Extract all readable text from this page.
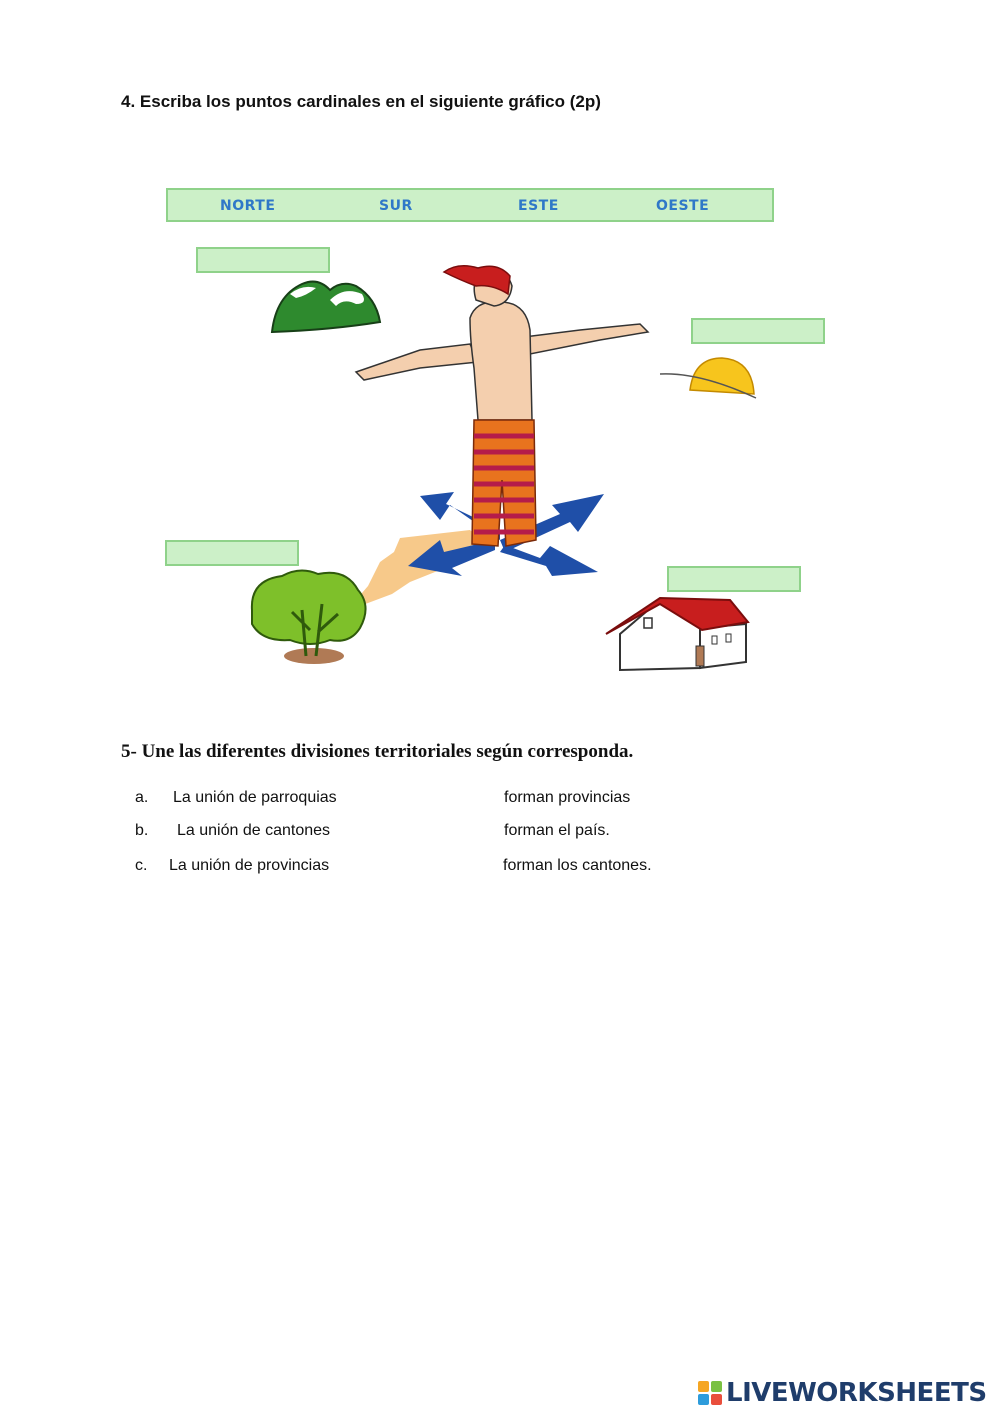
4. Escriba los puntos cardinales en el siguiente gráfico (2p)
NORTE	SUR	ESTE	OESTE
5- Une las diferentes divisiones territoriales según corresponda.
a. La unión de parroquias	forman provincias
b. La unión de cantones	forman el país.
c. La unión de provincias	forman los cantones.
LIVEWORKSHEETS
